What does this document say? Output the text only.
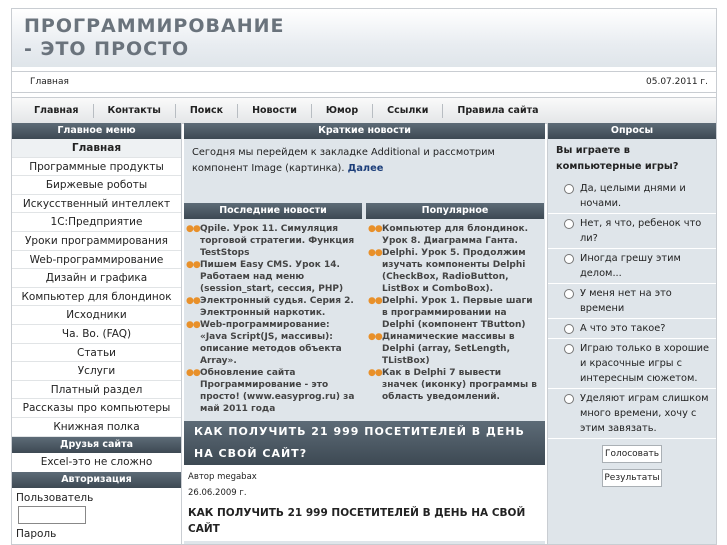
ПРОГРАММИРОВАНИЕ
- ЭТО ПРОСТО
Главная	05.07.2011 г.
Главная	Контакты	Поиск	Новости	Юмор	Ссылки	Правила сайта
Главное меню
Главная
Программные продукты
Биржевые роботы
Искусственный интеллект
1С:Предприятие
Уроки программирования
Web-программирование
Дизайн и графика
Компьютер для блондинок
Исходники
Ча. Во. (FAQ)
Статьи
Услуги
Платный раздел
Рассказы про компьютеры
Книжная полка
Друзья сайта
Excel-это не сложно
Авторизация
Пользователь
Пароль
Краткие новости
Сегодня мы перейдем к закладке Additional и рассмотрим компонент Image (картинка). Далее
Последние новости
●● Qpile. Урок 11. Симуляция торговой стратегии. Функция TestStops
●● Пишем Easy CMS. Урок 14. Работаем над меню (session_start, сессия, PHP)
●● Электронный судья. Серия 2. Электронный наркотик.
●● Web-программирование: «Java Script(JS, массивы): описание методов объекта Array».
●● Обновление сайта Программирование - это просто! (www.easyprog.ru) за май 2011 года
Популярное
●● Компьютер для блондинок. Урок 8. Диаграмма Ганта.
●● Delphi. Урок 5. Продолжим изучать компоненты Delphi (CheckBox, RadioButton, ListBox и ComboBox).
●● Delphi. Урок 1. Первые шаги в программировании на Delphi (компонент TButton)
●● Динамические массивы в Delphi (array, SetLength, TListBox)
●● Как в Delphi 7 вывести значек (иконку) программы в область уведомлений.
КАК ПОЛУЧИТЬ 21 999 ПОСЕТИТЕЛЕЙ В ДЕНЬ НА СВОЙ САЙТ?
Автор megabax
26.06.2009 г.
КАК ПОЛУЧИТЬ 21 999 ПОСЕТИТЕЛЕЙ В ДЕНЬ НА СВОЙ САЙТ
Опросы
Вы играете в компьютерные игры?
Да, целыми днями и ночами.
Нет, я что, ребенок что ли?
Иногда грешу этим делом...
У меня нет на это времени
А что это такое?
Играю только в хорошие и красочные игры с интересным сюжетом.
Уделяют играм слишком много времени, хочу с этим завязать.
Голосовать
Результаты
